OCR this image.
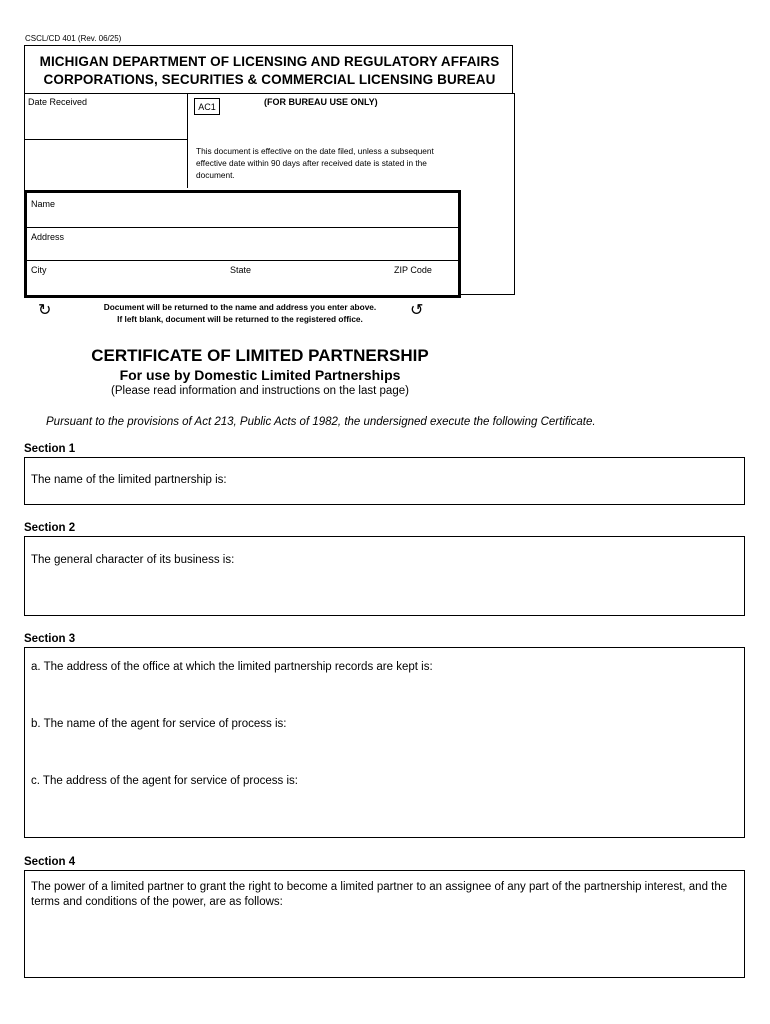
CSCL/CD 401 (Rev. 06/25)
MICHIGAN DEPARTMENT OF LICENSING AND REGULATORY AFFAIRS
CORPORATIONS, SECURITIES & COMMERCIAL LICENSING BUREAU
Date Received	AC1	(FOR BUREAU USE ONLY)
This document is effective on the date filed, unless a subsequent effective date within 90 days after received date is stated in the document.
Name
Address
City	State	ZIP Code
↻	Document will be returned to the name and address you enter above.
If left blank, document will be returned to the registered office.	↺
CERTIFICATE OF LIMITED PARTNERSHIP
For use by Domestic Limited Partnerships
(Please read information and instructions on the last page)
Pursuant to the provisions of Act 213, Public Acts of 1982, the undersigned execute the following Certificate.
Section 1
The name of the limited partnership is:
Section 2
The general character of its business is:
Section 3
a. The address of the office at which the limited partnership records are kept is:
b. The name of the agent for service of process is:
c. The address of the agent for service of process is:
Section 4
The power of a limited partner to grant the right to become a limited partner to an assignee of any part of the partnership interest, and the terms and conditions of the power, are as follows:
